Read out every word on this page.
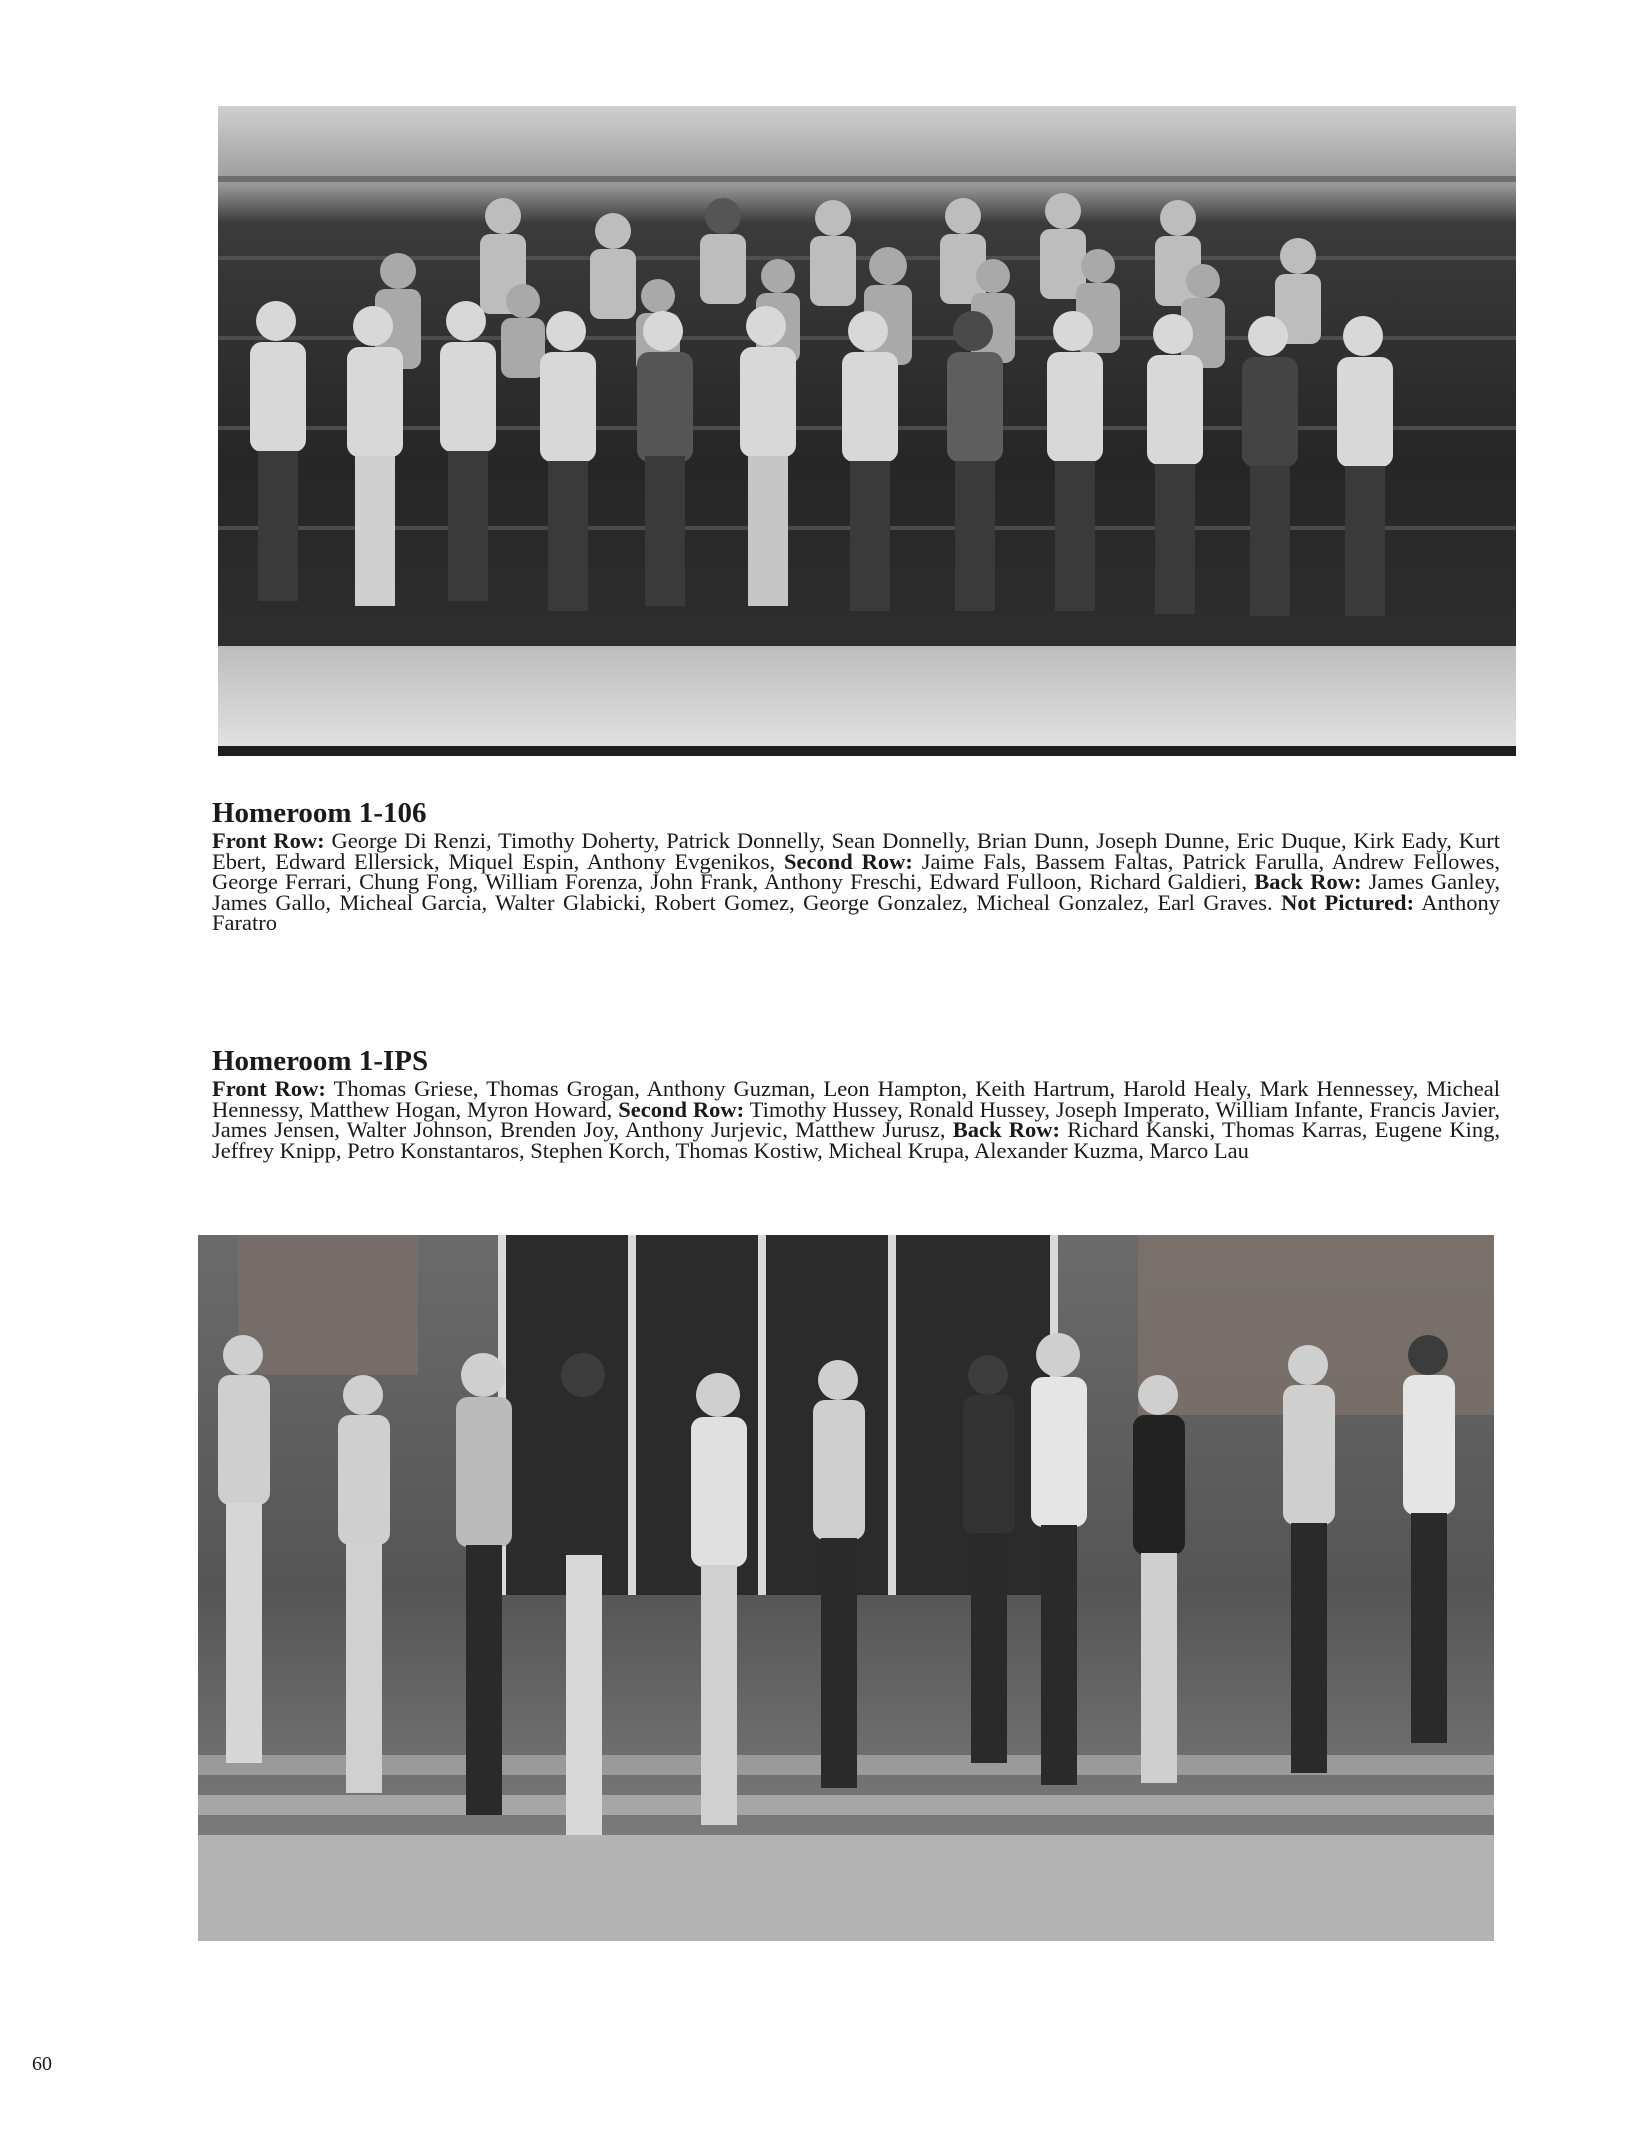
Homeroom 1-106

Front Row: George Di Renzi, Timothy Doherty, Patrick Donnelly, Sean Donnelly, Brian Dunn, Joseph Dunne, Eric Duque, Kirk Eady, Kurt Ebert, Edward Ellersick, Miquel Espin, Anthony Evgenikos, Second Row: Jaime Fals, Bassem Faltas, Patrick Farulla, Andrew Fellowes, George Ferrari, Chung Fong, William Forenza, John Frank, Anthony Freschi, Edward Fulloon, Richard Galdieri, Back Row: James Ganley, James Gallo, Micheal Garcia, Walter Glabicki, Robert Gomez, George Gonzalez, Micheal Gonzalez, Earl Graves. Not Pictured: Anthony Faratro

Homeroom 1-IPS

Front Row: Thomas Griese, Thomas Grogan, Anthony Guzman, Leon Hampton, Keith Hartrum, Harold Healy, Mark Hennessey, Micheal Hennessy, Matthew Hogan, Myron Howard, Second Row: Timothy Hussey, Ronald Hussey, Joseph Imperato, William Infante, Francis Javier, James Jensen, Walter Johnson, Brenden Joy, Anthony Jurjevic, Matthew Jurusz, Back Row: Richard Kanski, Thomas Karras, Eugene King, Jeffrey Knipp, Petro Konstantaros, Stephen Korch, Thomas Kostiw, Micheal Krupa, Alexander Kuzma, Marco Lau

60
